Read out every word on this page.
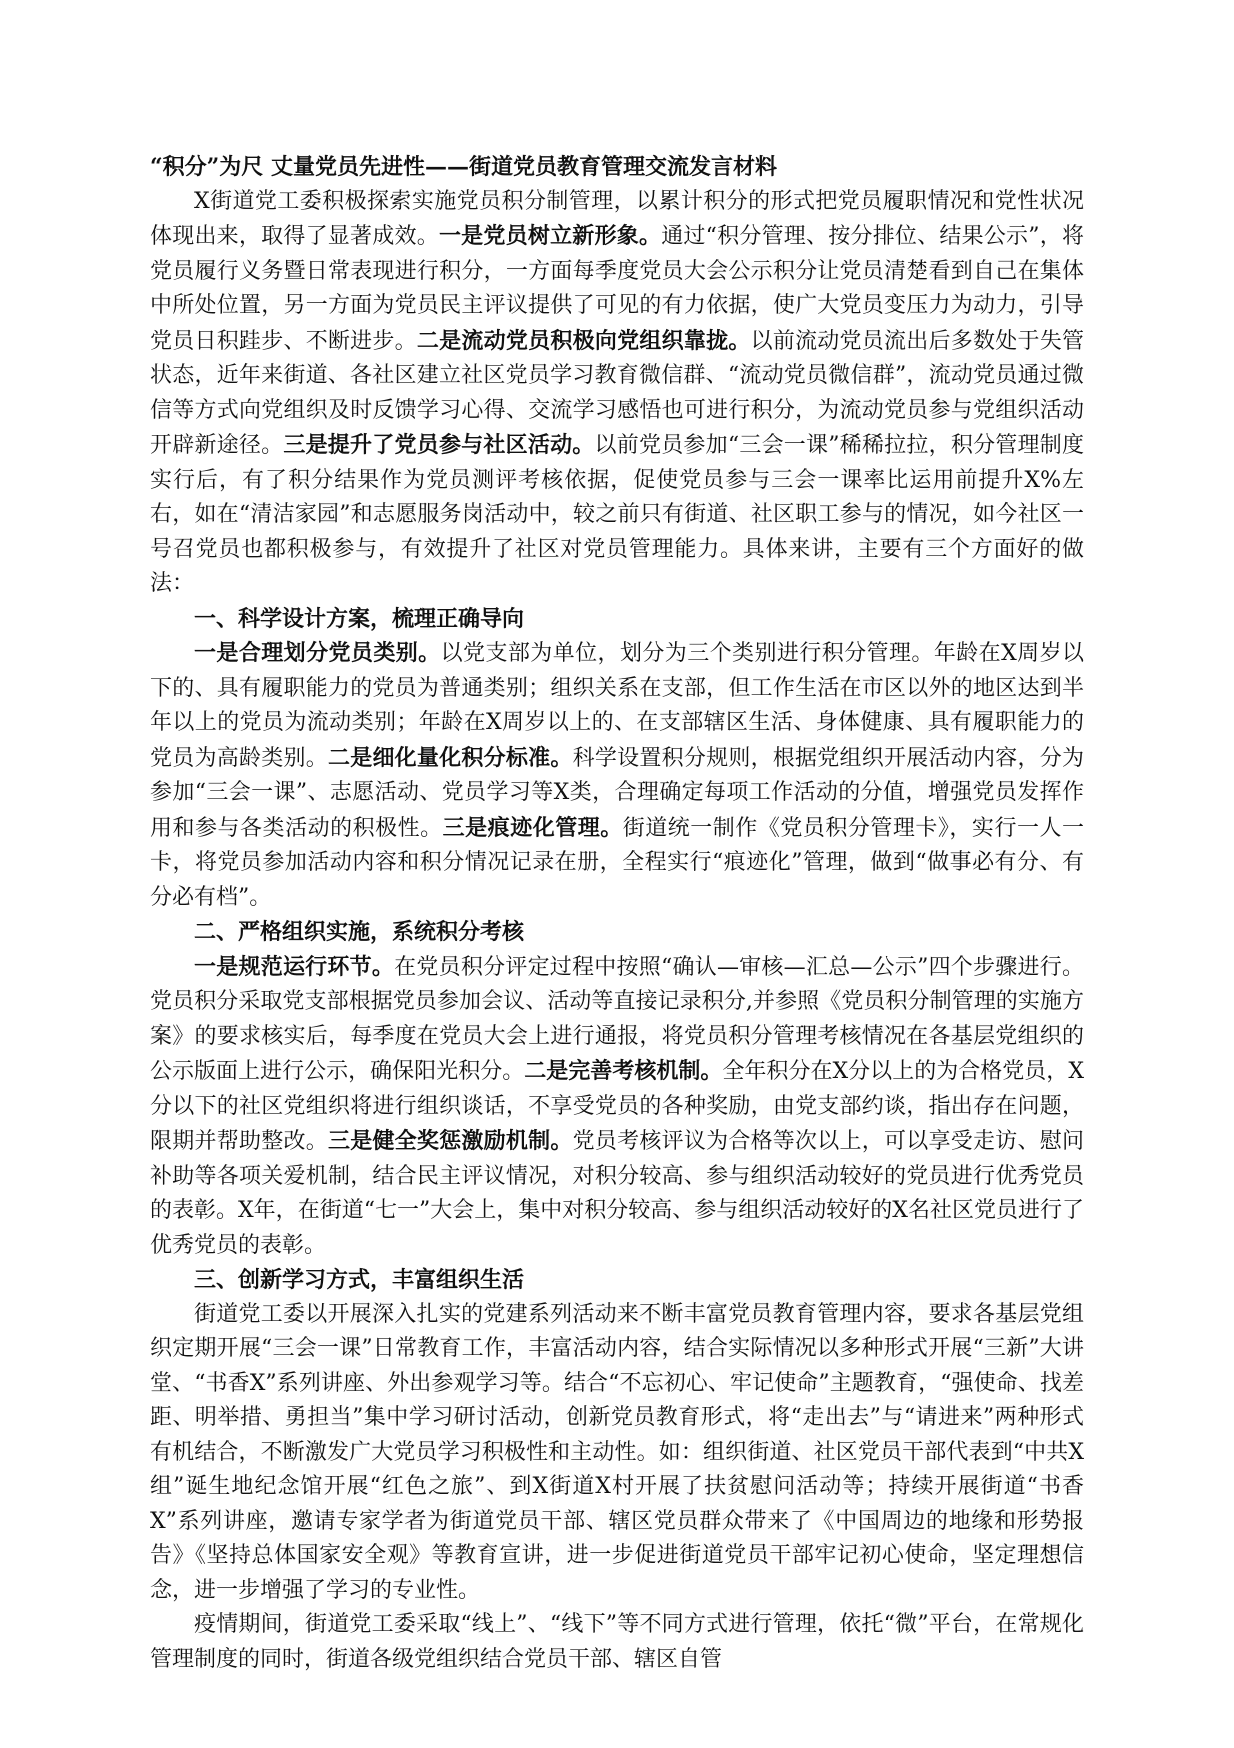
“积分”为尺 丈量党员先进性——街道党员教育管理交流发言材料

X街道党工委积极探索实施党员积分制管理，以累计积分的形式把党员履职情况和党性状况体现出来，取得了显著成效。一是党员树立新形象。通过“积分管理、按分排位、结果公示”，将党员履行义务暨日常表现进行积分，一方面每季度党员大会公示积分让党员清楚看到自己在集体中所处位置，另一方面为党员民主评议提供了可见的有力依据，使广大党员变压力为动力，引导党员日积跬步、不断进步。二是流动党员积极向党组织靠拢。以前流动党员流出后多数处于失管状态，近年来街道、各社区建立社区党员学习教育微信群、“流动党员微信群”，流动党员通过微信等方式向党组织及时反馈学习心得、交流学习感悟也可进行积分，为流动党员参与党组织活动开辟新途径。三是提升了党员参与社区活动。以前党员参加“三会一课”稀稀拉拉，积分管理制度实行后，有了积分结果作为党员测评考核依据，促使党员参与三会一课率比运用前提升X%左右，如在“清洁家园”和志愿服务岗活动中，较之前只有街道、社区职工参与的情况，如今社区一号召党员也都积极参与，有效提升了社区对党员管理能力。具体来讲，主要有三个方面好的做法：

一、科学设计方案，梳理正确导向

一是合理划分党员类别。以党支部为单位，划分为三个类别进行积分管理。年龄在X周岁以下的、具有履职能力的党员为普通类别；组织关系在支部，但工作生活在市区以外的地区达到半年以上的党员为流动类别；年龄在X周岁以上的、在支部辖区生活、身体健康、具有履职能力的党员为高龄类别。二是细化量化积分标准。科学设置积分规则，根据党组织开展活动内容，分为参加“三会一课”、志愿活动、党员学习等X类，合理确定每项工作活动的分值，增强党员发挥作用和参与各类活动的积极性。三是痕迹化管理。街道统一制作《党员积分管理卡》，实行一人一卡，将党员参加活动内容和积分情况记录在册，全程实行“痕迹化”管理，做到“做事必有分、有分必有档”。

二、严格组织实施，系统积分考核

一是规范运行环节。在党员积分评定过程中按照“确认—审核—汇总—公示”四个步骤进行。党员积分采取党支部根据党员参加会议、活动等直接记录积分,并参照《党员积分制管理的实施方案》的要求核实后，每季度在党员大会上进行通报，将党员积分管理考核情况在各基层党组织的公示版面上进行公示，确保阳光积分。二是完善考核机制。全年积分在X分以上的为合格党员，X分以下的社区党组织将进行组织谈话，不享受党员的各种奖励，由党支部约谈，指出存在问题，限期并帮助整改。三是健全奖惩激励机制。党员考核评议为合格等次以上，可以享受走访、慰问补助等各项关爱机制，结合民主评议情况，对积分较高、参与组织活动较好的党员进行优秀党员的表彰。X年，在街道“七一”大会上，集中对积分较高、参与组织活动较好的X名社区党员进行了优秀党员的表彰。

三、创新学习方式，丰富组织生活

街道党工委以开展深入扎实的党建系列活动来不断丰富党员教育管理内容，要求各基层党组织定期开展“三会一课”日常教育工作，丰富活动内容，结合实际情况以多种形式开展“三新”大讲堂、“书香X”系列讲座、外出参观学习等。结合“不忘初心、牢记使命”主题教育，“强使命、找差距、明举措、勇担当”集中学习研讨活动，创新党员教育形式，将“走出去”与“请进来”两种形式有机结合，不断激发广大党员学习积极性和主动性。如：组织街道、社区党员干部代表到“中共X组”诞生地纪念馆开展“红色之旅”、到X街道X村开展了扶贫慰问活动等；持续开展街道“书香X”系列讲座，邀请专家学者为街道党员干部、辖区党员群众带来了《中国周边的地缘和形势报告》《坚持总体国家安全观》等教育宣讲，进一步促进街道党员干部牢记初心使命，坚定理想信念，进一步增强了学习的专业性。

疫情期间，街道党工委采取“线上”、“线下”等不同方式进行管理，依托“微”平台，在常规化管理制度的同时，街道各级党组织结合党员干部、辖区自管
